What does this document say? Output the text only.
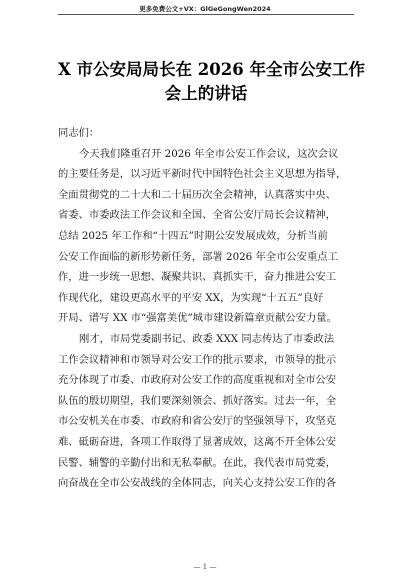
更多免费公文+VX：GlGeGongWen2024
X 市公安局局长在 2026 年全市公安工作
会上的讲话
同志们：
今天我们隆重召开 2026 年全市公安工作会议，这次会议
的主要任务是，以习近平新时代中国特色社会主义思想为指导，
全面贯彻党的二十大和二十届历次全会精神，认真落实中央、
省委、市委政法工作会议和全国、全省公安厅局长会议精神，
总结 2025 年工作和“十四五”时期公安发展成效，分析当前
公安工作面临的新形势新任务，部署 2026 年全市公安重点工
作，进一步统一思想、凝聚共识、真抓实干，奋力推进公安工
作现代化，建设更高水平的平安 XX，为实现“十五五”良好
开局、谱写 XX 市“强富美优”城市建设新篇章贡献公安力量。
刚才，市局党委副书记、政委 XXX 同志传达了市委政法
工作会议精神和市领导对公安工作的批示要求，市领导的批示
充分体现了市委、市政府对公安工作的高度重视和对全市公安
队伍的殷切期望，我们要深刻领会、抓好落实。过去一年，全
市公安机关在市委、市政府和省公安厅的坚强领导下，攻坚克
难、砥砺奋进，各项工作取得了显著成效，这离不开全体公安
民警、辅警的辛勤付出和无私奉献。在此，我代表市局党委，
向奋战在全市公安战线的全体同志，向关心支持公安工作的各
— 1 —
